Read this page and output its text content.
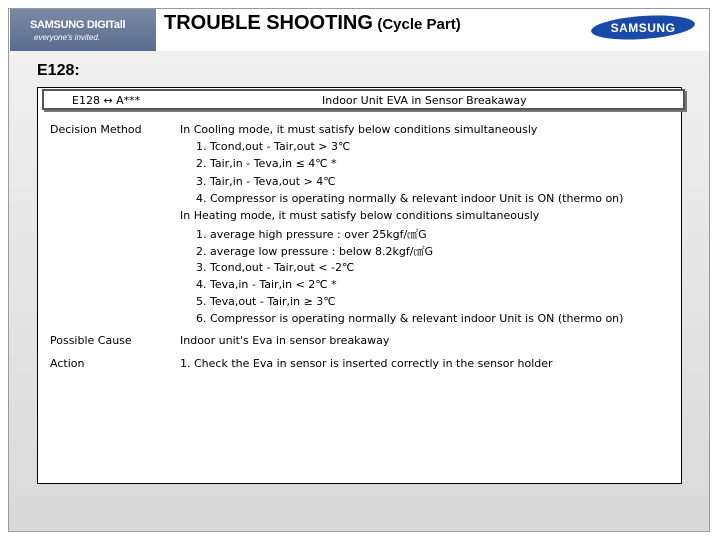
SAMSUNG DIGITall
everyone's invited.
TROUBLE SHOOTING (Cycle Part)	SAMSUNG
E128:
E128 ↔ A***	Indoor Unit EVA in Sensor Breakaway
Decision Method	In Cooling mode, it must satisfy below conditions simultaneously
1. Tcond,out - Tair,out > 3℃
2. Tair,in - Teva,in ≤ 4℃ *
3. Tair,in - Teva,out > 4℃
4. Compressor is operating normally & relevant indoor Unit is ON (thermo on)
In Heating mode, it must satisfy below conditions simultaneously
1. average high pressure : over 25kgf/㎠G
2. average low pressure : below 8.2kgf/㎠G
3. Tcond,out - Tair,out < -2℃
4. Teva,in - Tair,in < 2℃ *
5. Teva,out - Tair,in ≥ 3℃
6. Compressor is operating normally & relevant indoor Unit is ON (thermo on)
Possible Cause	Indoor unit's Eva in sensor breakaway
Action	1. Check the Eva in sensor is inserted correctly in the sensor holder
